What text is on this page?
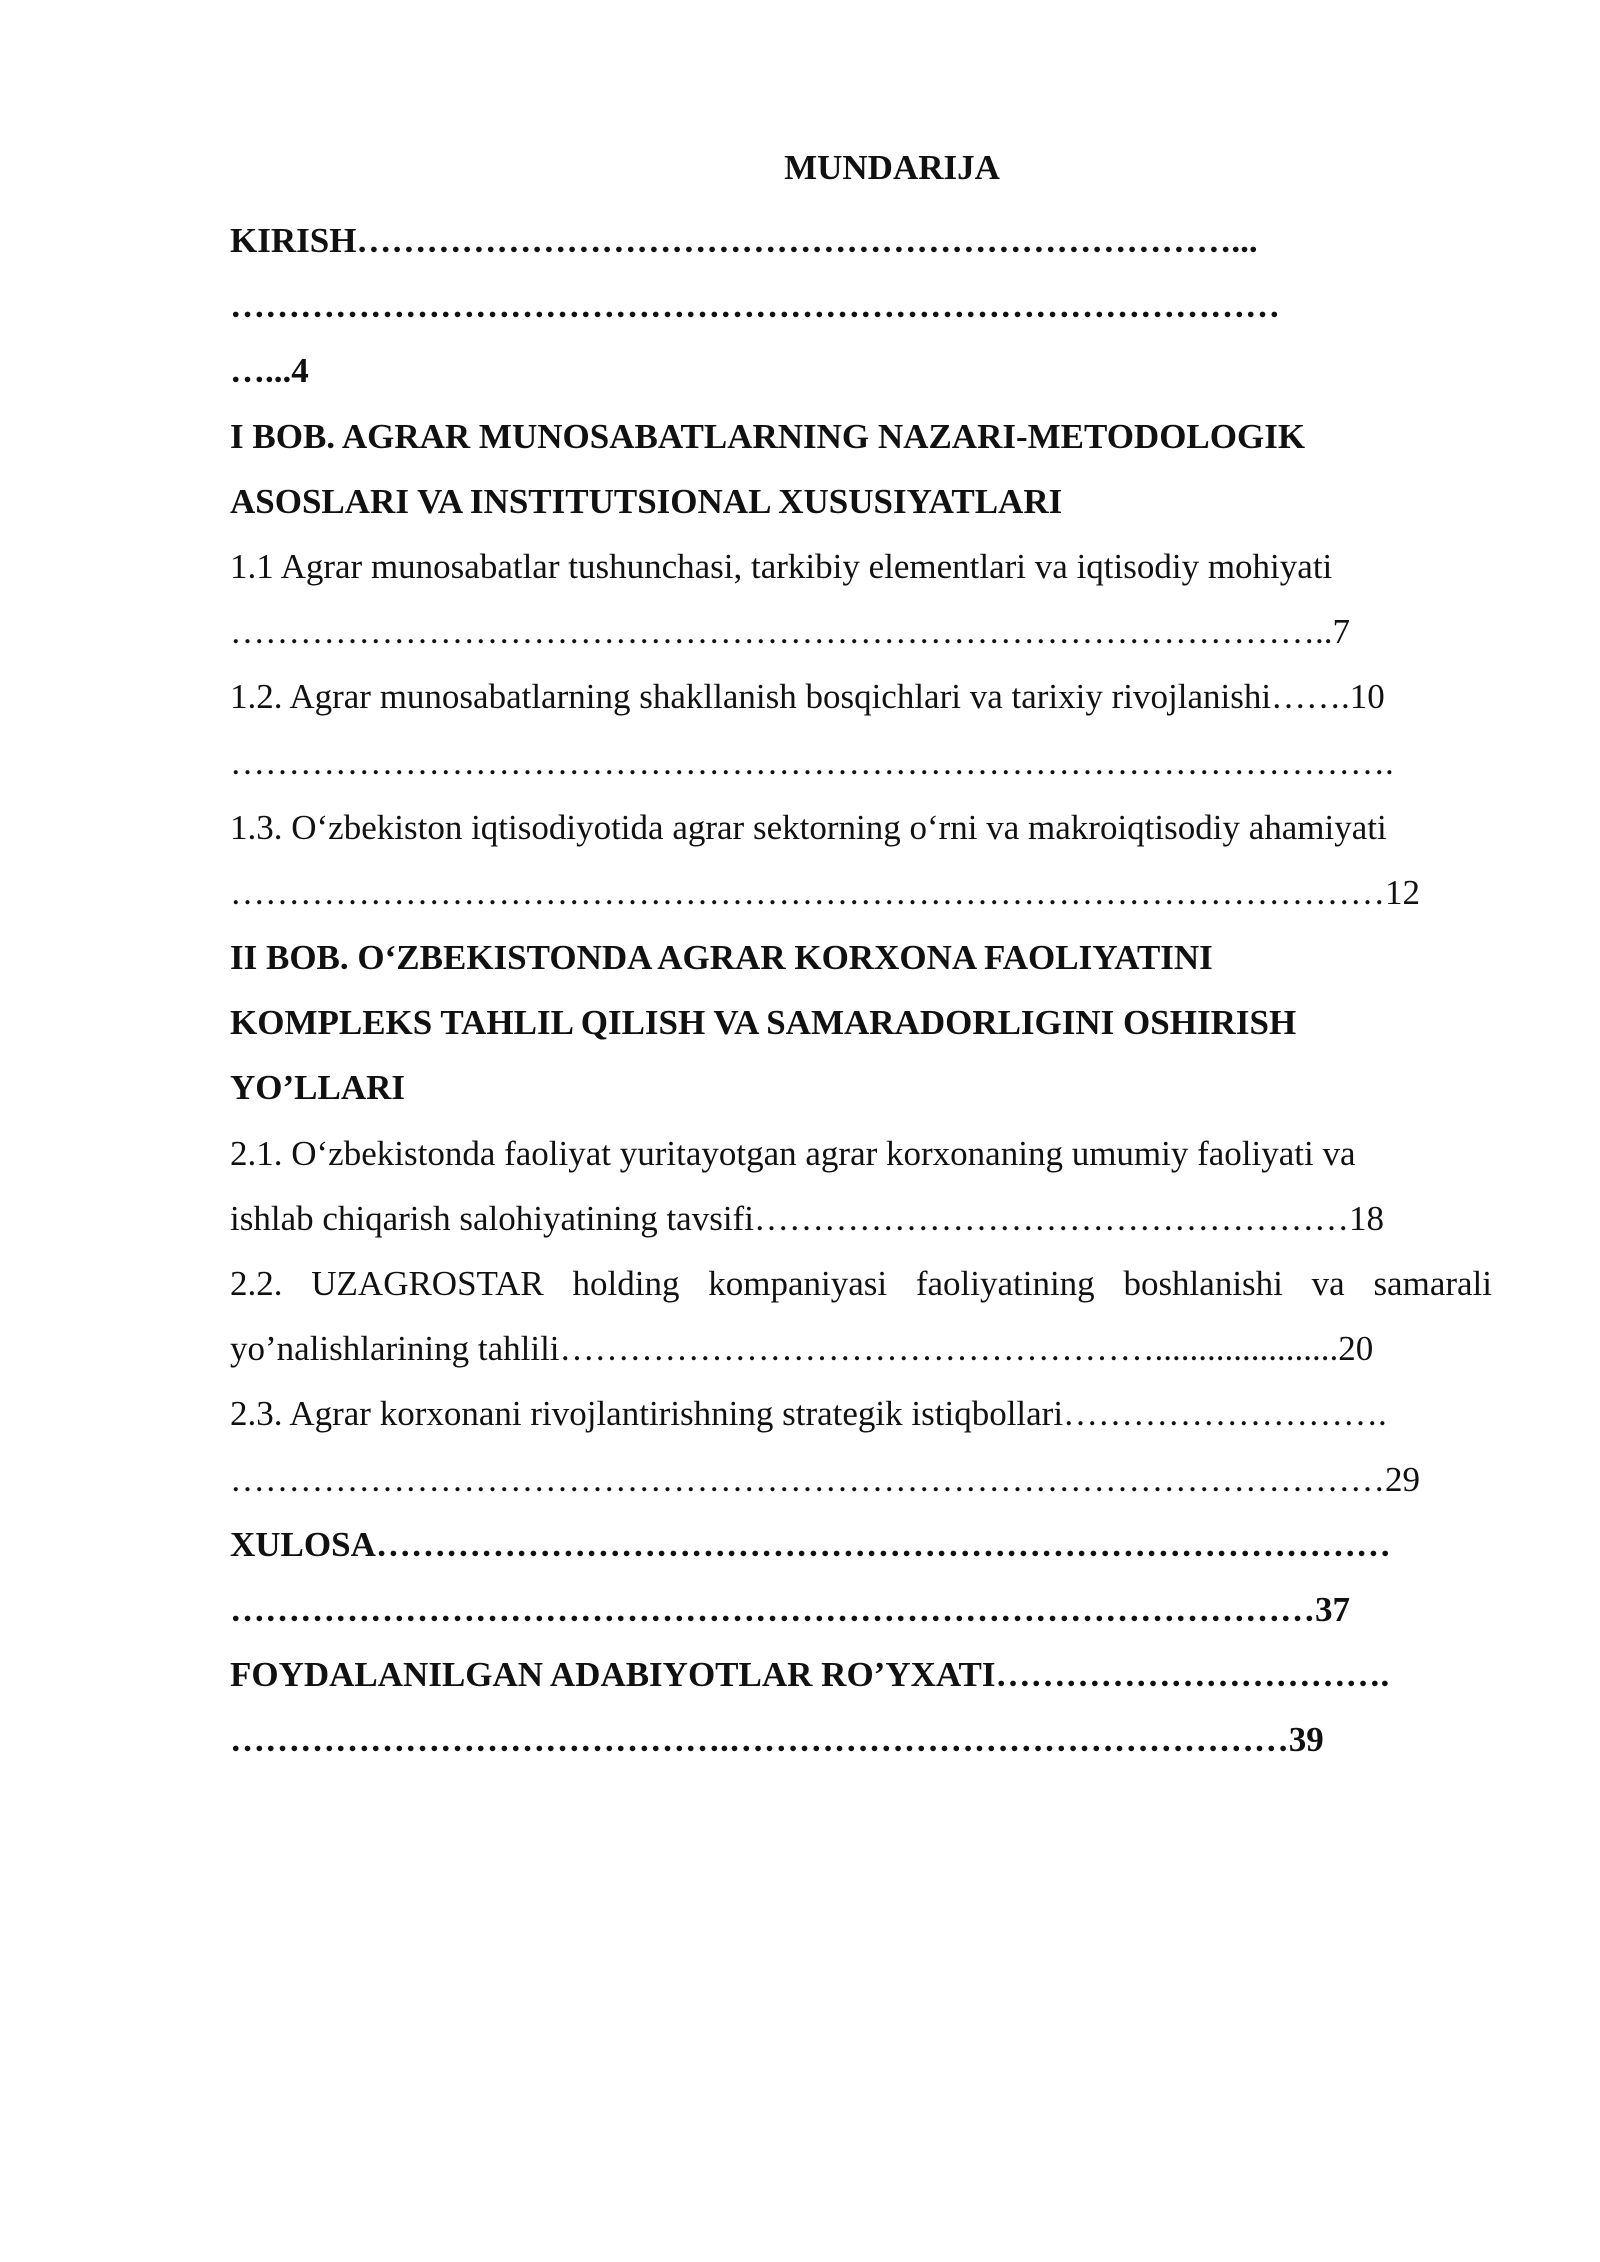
MUNDARIJA
KIRISH…………………………………………………………………...
………………………………………………………………………………
…...4
I BOB. AGRAR MUNOSABATLARNING NAZARI-METODOLOGIK
ASOSLARI VA INSTITUTSIONAL XUSUSIYATLARI
1.1 Agrar munosabatlar tushunchasi, tarkibiy elementlari va iqtisodiy mohiyati
…………………………………………………………………………………..7
1.2. Agrar munosabatlarning shakllanish bosqichlari va tarixiy rivojlanishi…….10
……………………………………………………………………………………….
1.3. O‘zbekiston iqtisodiyotida agrar sektorning o‘rni va makroiqtisodiy ahamiyati
………………………………………………………………………………………12
II BOB. O‘ZBEKISTONDA AGRAR KORXONA FAOLIYATINI
KOMPLEKS TAHLIL QILISH VA SAMARADORLIGINI OSHIRISH
YO’LLARI
2.1. O‘zbekistonda faoliyat yuritayotgan agrar korxonaning umumiy faoliyati va
ishlab chiqarish salohiyatining tavsifi……………………………………………18
2.2. UZAGROSTAR holding kompaniyasi faoliyatining boshlanishi va samarali
yo’nalishlarining tahlili…………………………………………….....................20
2.3. Agrar korxonani rivojlantirishning strategik istiqbollari……………………….
………………………………………………………………………………………29
XULOSA……………………………………………………………………………
…………………………………………………………………………………37
FOYDALANILGAN ADABIYOTLAR RO’YXATI…………………………….
…………………………………….…………………………………………39
